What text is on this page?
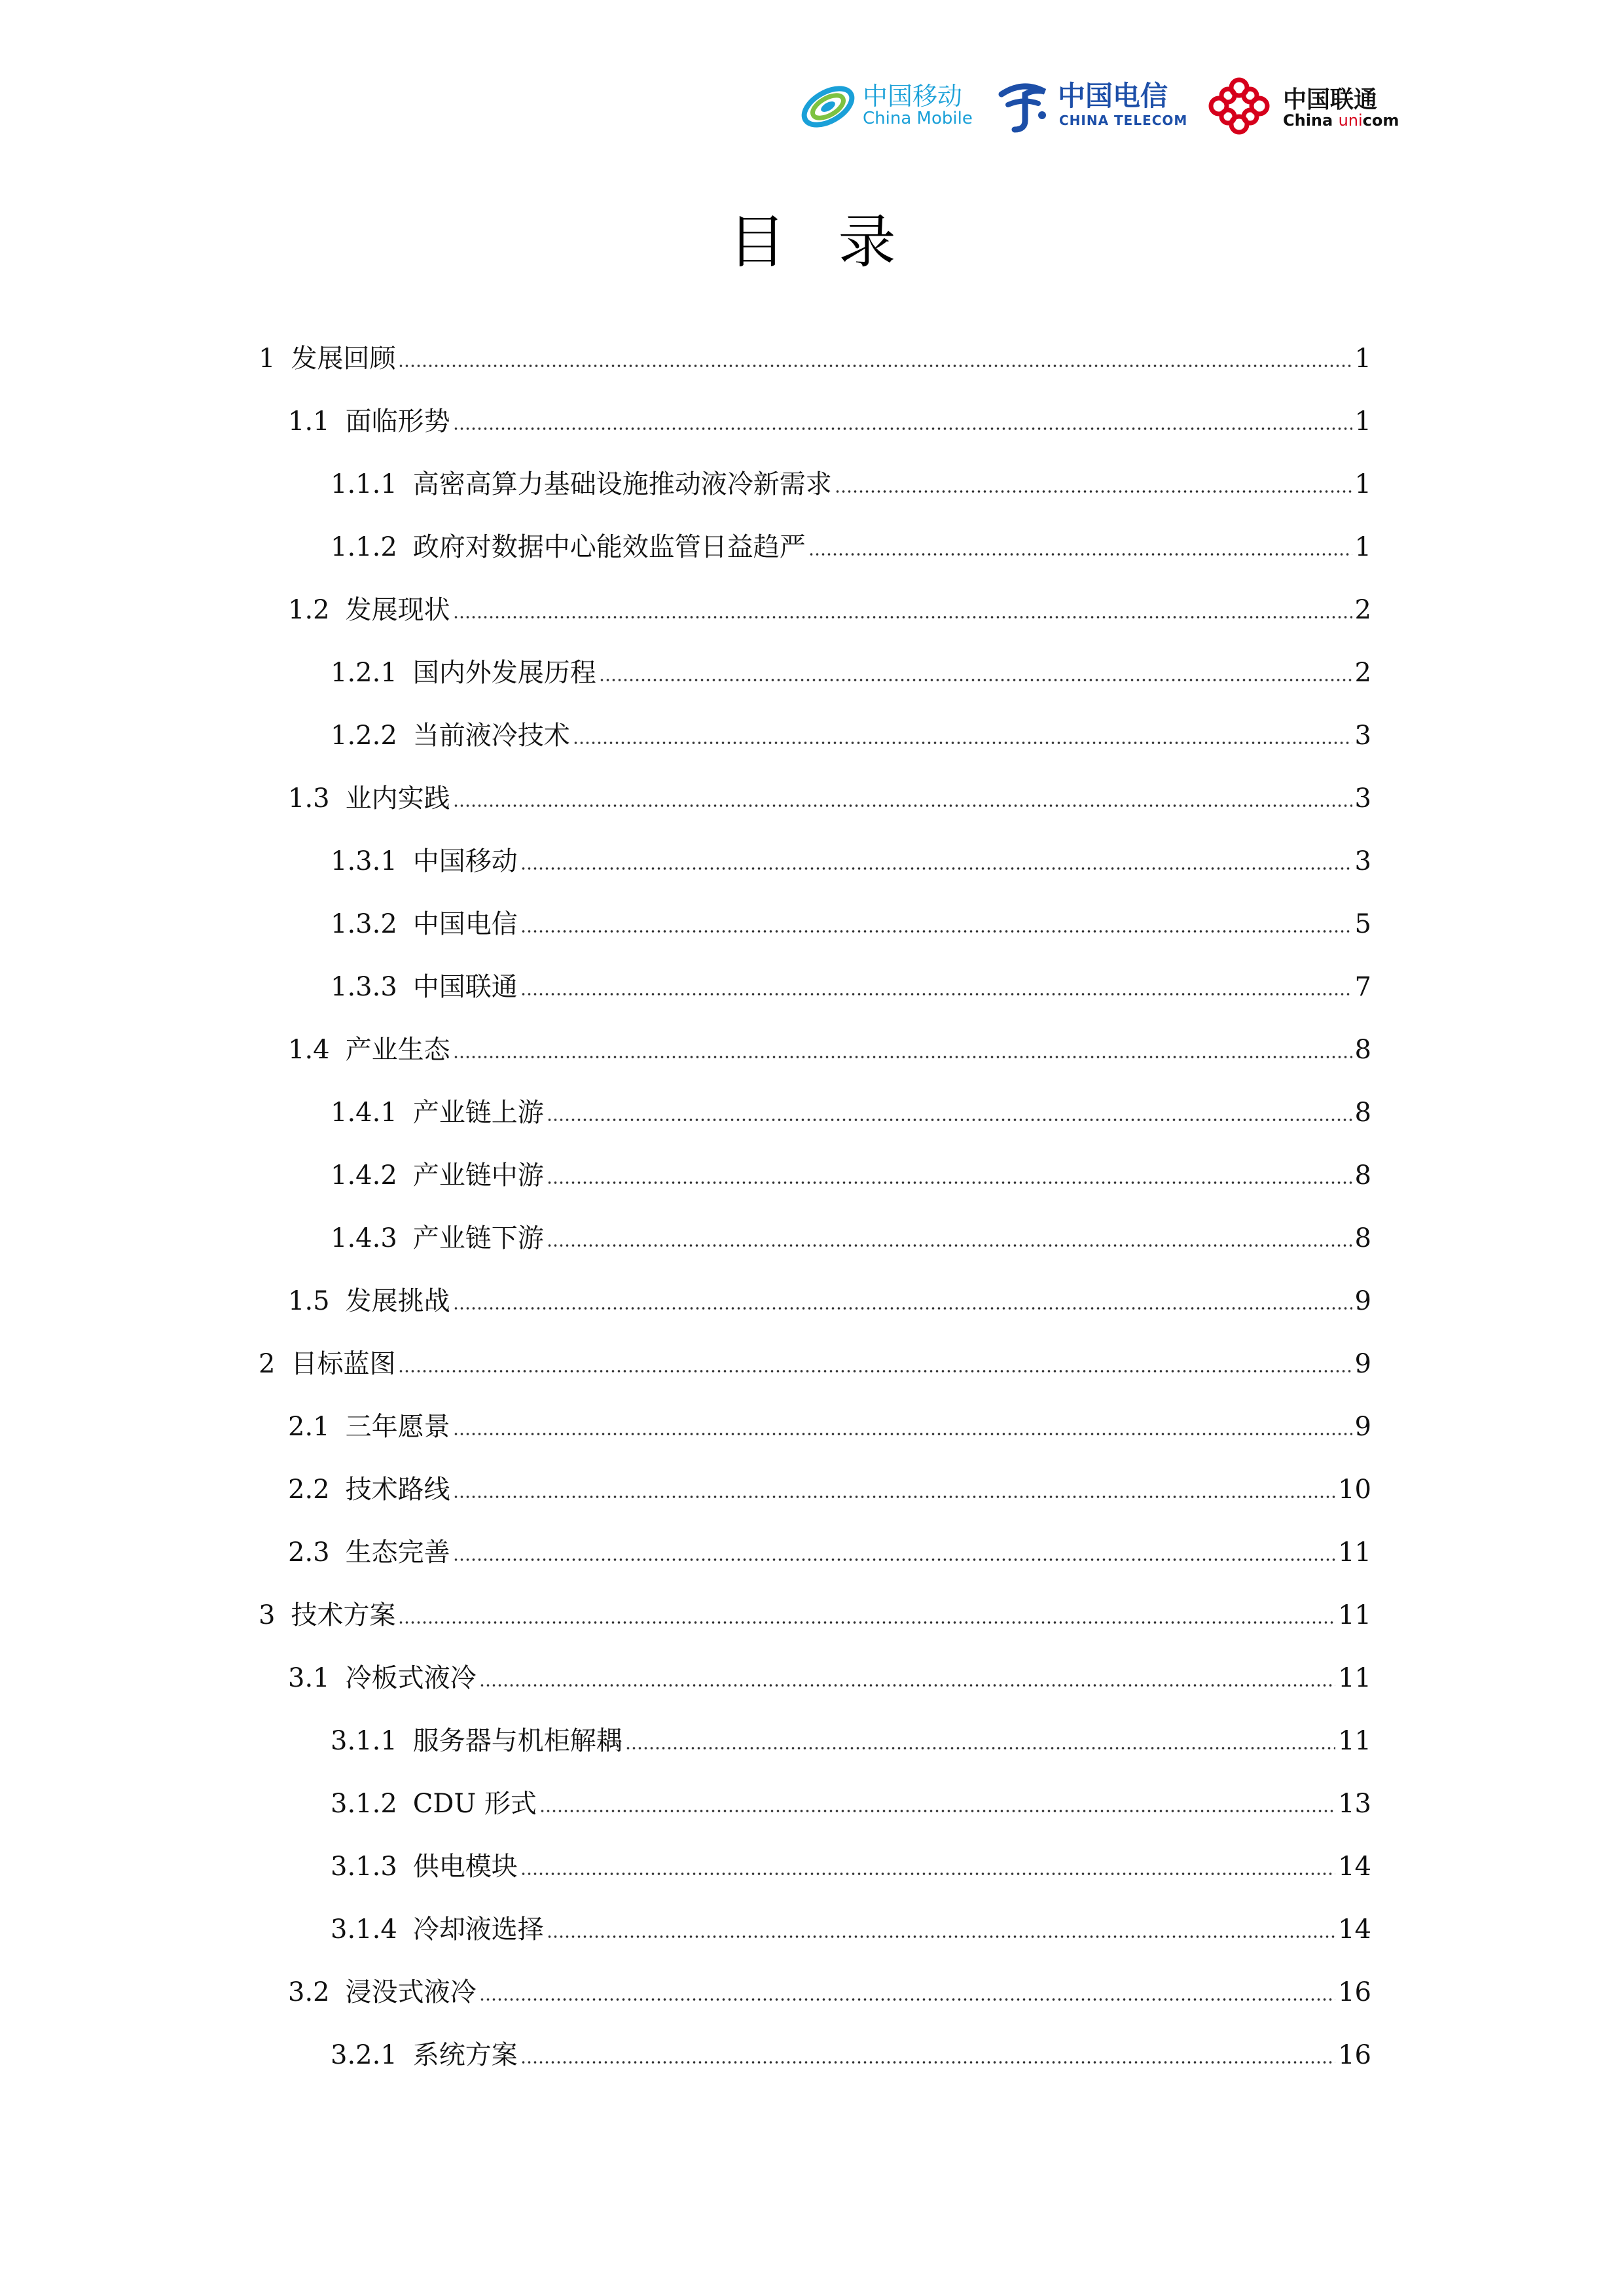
中国移动
China Mobile
中国电信
CHINA TELECOM
中国联通
China unicom
目录
1 发展回顾	1
1.1 面临形势	1
1.1.1 高密高算力基础设施推动液冷新需求	1
1.1.2 政府对数据中心能效监管日益趋严	1
1.2 发展现状	2
1.2.1 国内外发展历程	2
1.2.2 当前液冷技术	3
1.3 业内实践	3
1.3.1 中国移动	3
1.3.2 中国电信	5
1.3.3 中国联通	7
1.4 产业生态	8
1.4.1 产业链上游	8
1.4.2 产业链中游	8
1.4.3 产业链下游	8
1.5 发展挑战	9
2 目标蓝图	9
2.1 三年愿景	9
2.2 技术路线	10
2.3 生态完善	11
3 技术方案	11
3.1 冷板式液冷	11
3.1.1 服务器与机柜解耦	11
3.1.2 CDU 形式	13
3.1.3 供电模块	14
3.1.4 冷却液选择	14
3.2 浸没式液冷	16
3.2.1 系统方案	16
